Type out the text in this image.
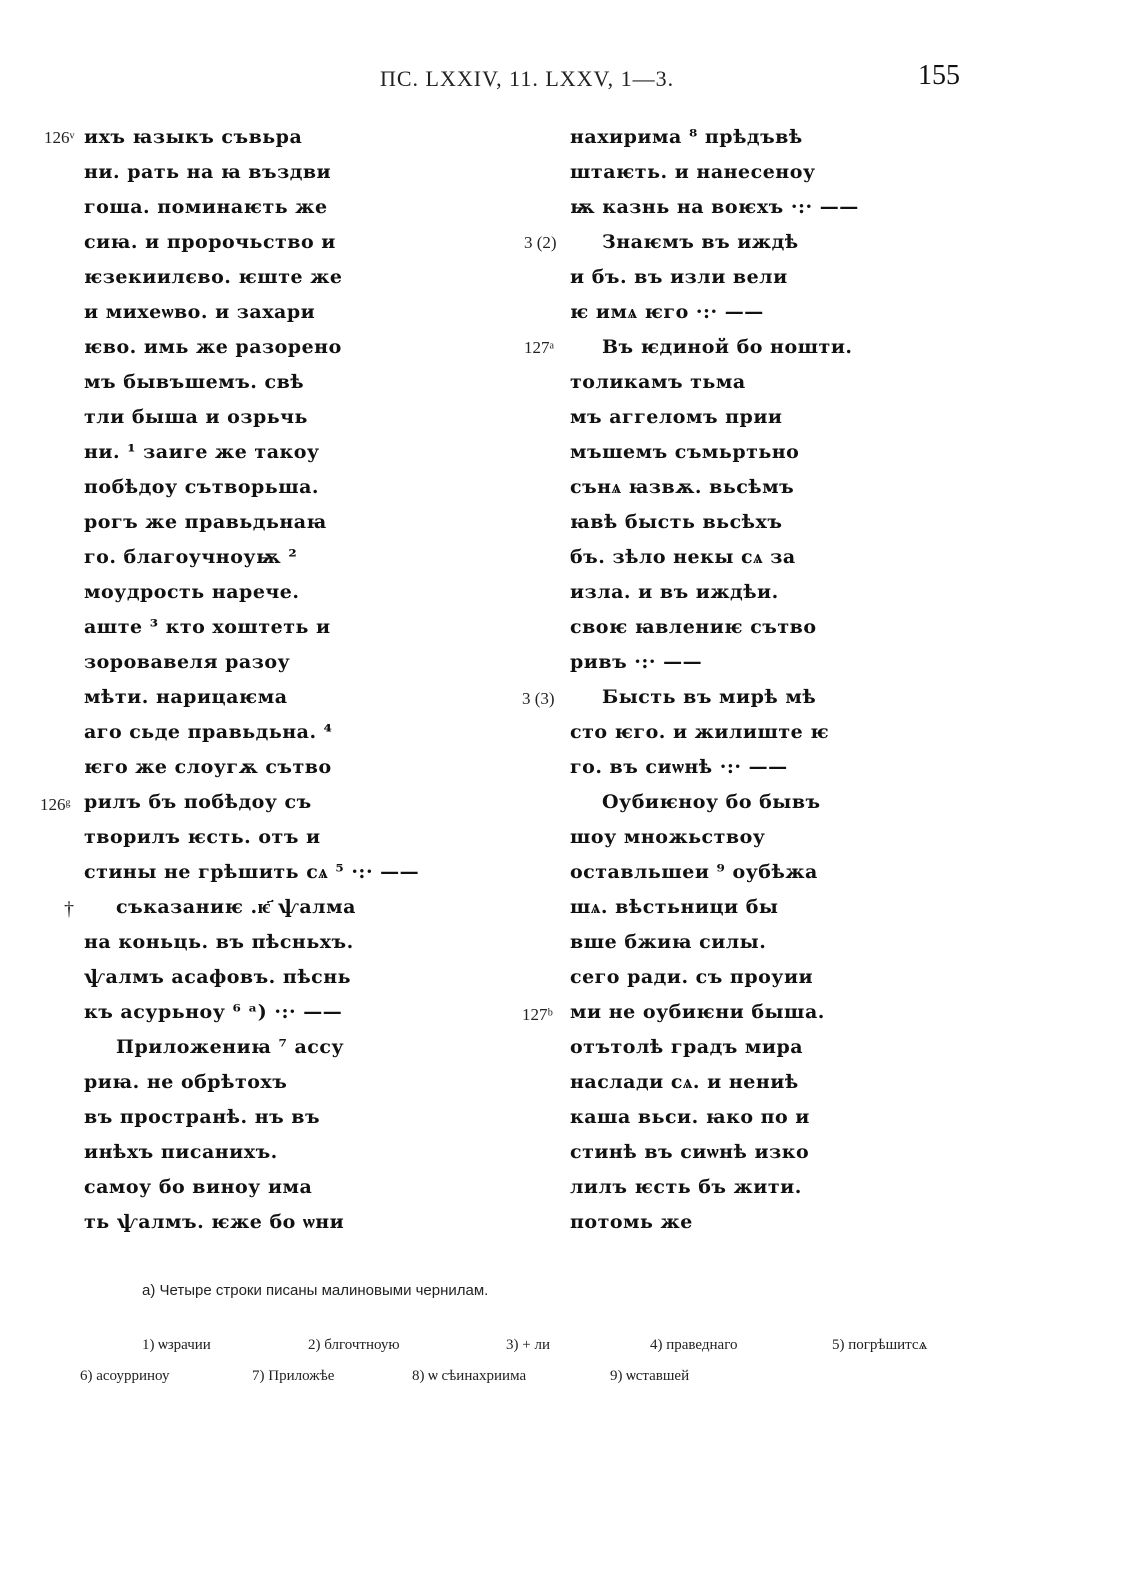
ПС. LXXIV, 11. LXXV, 1—3.	155
126ᵛ
126ᵍ
†
3 (2)
127ᵃ
3 (3)
127ᵇ
ихъ ꙗзыкъ съвьра
ни. рать на ꙗ въздви
гоша. поминаѥть же
сиꙗ. и пророчьство и
ѥзекиилєво. ѥште же
и михеѡво. и захари
ѥво. имь же разорено
мъ бывъшемъ. свѣ
тли быша и озрьчь
ни. ¹ заиге же такоу
побѣдоу сътворьша.
рогъ же правьдьнаꙗ
го. благоучноуѭ ²
моудрость нарече.
аште ³ кто хоштеть и
зоровавеля разоу
мѣти. нарицаѥма
аго сьде правьдьна. ⁴
ѥго же слоугѫ сътво
рилъ бъ побѣдоу съ
творилъ ѥсть. отъ и
стины не грѣшить сѧ ⁵ ·:· ——
съказаниѥ .ѥ҃ ѱалма
на коньць. въ пѣсньхъ.
ѱалмъ асафовъ. пѣснь
къ асурьноу ⁶ ᵃ) ·:· ——
Приложениꙗ ⁷ ассу
риꙗ. не обрѣтохъ
въ пространѣ. нъ въ
инѣхъ писанихъ.
самоу бо виноу има
ть ѱалмъ. ѥже бо ѡни
нахирима ⁸ прѣдъвѣ
штаѥть. и нанесеноу
ѭ казнь на воѥхъ ·:· ——
Знаѥмъ въ иждѣ
и бъ. въ изли вели
ѥ имѧ ѥго ·:· ——
Въ ѥдиной бо ношти.
толикамъ тьма
мъ аггеломъ прии
мъшемъ съмьртьно
сънѧ ꙗзвѫ. вьсѣмъ
ꙗвѣ бысть вьсѣхъ
бъ. зѣло некы сѧ за
изла. и въ иждѣи.
своѥ ꙗвлениѥ сътво
ривъ ·:· ——
Бысть въ мирѣ мѣ
сто ѥго. и жилиште ѥ
го. въ сиѡнѣ ·:· ——
Оубиѥноу бо бывъ
шоу множьствоу
оставльшеи ⁹ оубѣжа
шѧ. вѣстьници бы
вше бжиꙗ силы.
сего ради. съ проуии
ми не оубиѥни быша.
отътолѣ градъ мира
наслади сѧ. и нениѣ
каша вьси. ꙗко по и
стинѣ въ сиѡнѣ изко
лилъ ѥсть бъ жити.
потомь же
а) Четыре строки писаны малиновыми чернилам.
1) ѡзрачии	2) блгочтноую	3) + ли	4) праведнаго	5) погрѣшитсѧ
6) асоурриноу	7) Приложѣе	8) ѡ сѣинахриима	9) ѡставшей
